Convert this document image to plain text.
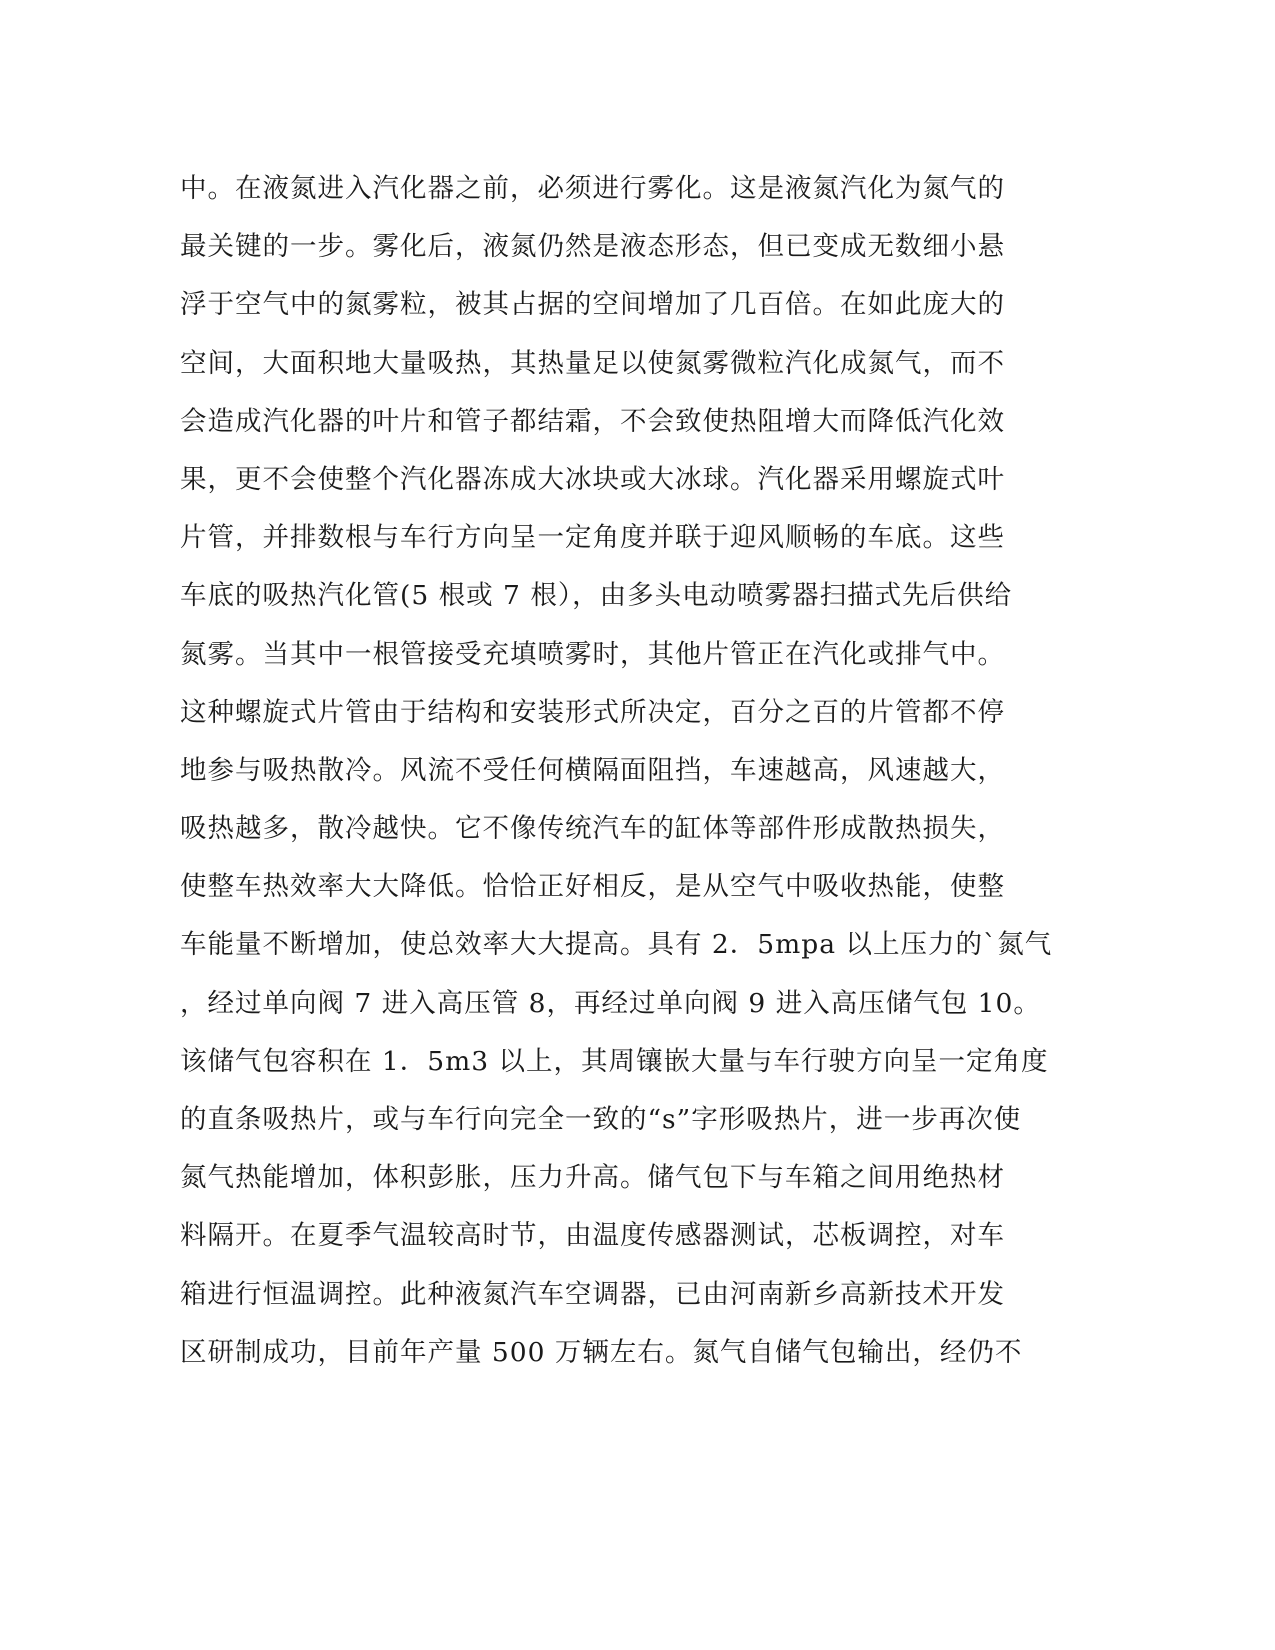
中。在液氮进入汽化器之前，必须进行雾化。这是液氮汽化为氮气的
最关键的一步。雾化后，液氮仍然是液态形态，但已变成无数细小悬
浮于空气中的氮雾粒，被其占据的空间增加了几百倍。在如此庞大的
空间，大面积地大量吸热，其热量足以使氮雾微粒汽化成氮气，而不
会造成汽化器的叶片和管子都结霜，不会致使热阻增大而降低汽化效
果，更不会使整个汽化器冻成大冰块或大冰球。汽化器采用螺旋式叶
片管，并排数根与车行方向呈一定角度并联于迎风顺畅的车底。这些
车底的吸热汽化管(5 根或 7 根），由多头电动喷雾器扫描式先后供给
氮雾。当其中一根管接受充填喷雾时，其他片管正在汽化或排气中。
这种螺旋式片管由于结构和安装形式所决定，百分之百的片管都不停
地参与吸热散冷。风流不受任何横隔面阻挡，车速越高，风速越大，
吸热越多，散冷越快。它不像传统汽车的缸体等部件形成散热损失，
使整车热效率大大降低。恰恰正好相反，是从空气中吸收热能，使整
车能量不断增加，使总效率大大提高。具有 2．5mpa 以上压力的`氮气
，经过单向阀 7 进入高压管 8，再经过单向阀 9 进入高压储气包 10。
该储气包容积在 1．5m3 以上，其周镶嵌大量与车行驶方向呈一定角度
的直条吸热片，或与车行向完全一致的“s”字形吸热片，进一步再次使
氮气热能增加，体积彭胀，压力升高。储气包下与车箱之间用绝热材
料隔开。在夏季气温较高时节，由温度传感器测试，芯板调控，对车
箱进行恒温调控。此种液氮汽车空调器，已由河南新乡高新技术开发
区研制成功，目前年产量 500 万辆左右。氮气自储气包输出，经仍不
